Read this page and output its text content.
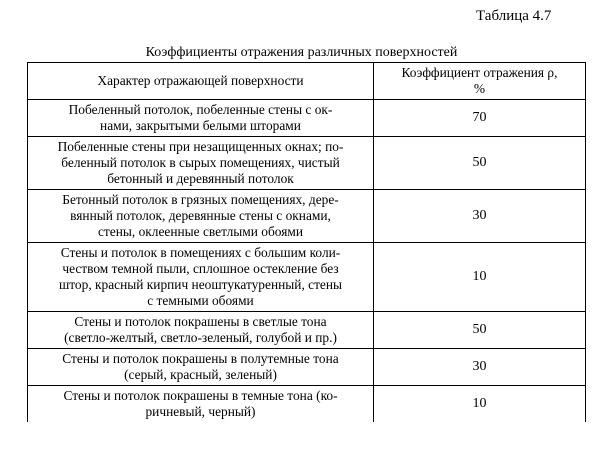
Таблица 4.7
Коэффициенты отражения различных поверхностей
Характер отражающей поверхности	Коэффициент отражения ρ,
%

Побеленный потолок, побеленные стены с ок-
нами, закрытыми белыми шторами	70

Побеленные стены при незащищенных окнах; по-
беленный потолок в сырых помещениях, чистый
бетонный и деревянный потолок	50

Бетонный потолок в грязных помещениях, дере-
вянный потолок, деревянные стены с окнами,
стены, оклеенные светлыми обоями	30

Стены и потолок в помещениях с большим коли-
чеством темной пыли, сплошное остекление без
штор, красный кирпич неоштукатуренный, стены
с темными обоями	10

Стены и потолок покрашены в светлые тона
(светло-желтый, светло-зеленый, голубой и пр.)	50

Стены и потолок покрашены в полутемные тона
(серый, красный, зеленый)	30

Стены и потолок покрашены в темные тона (ко-
ричневый, черный)	10
